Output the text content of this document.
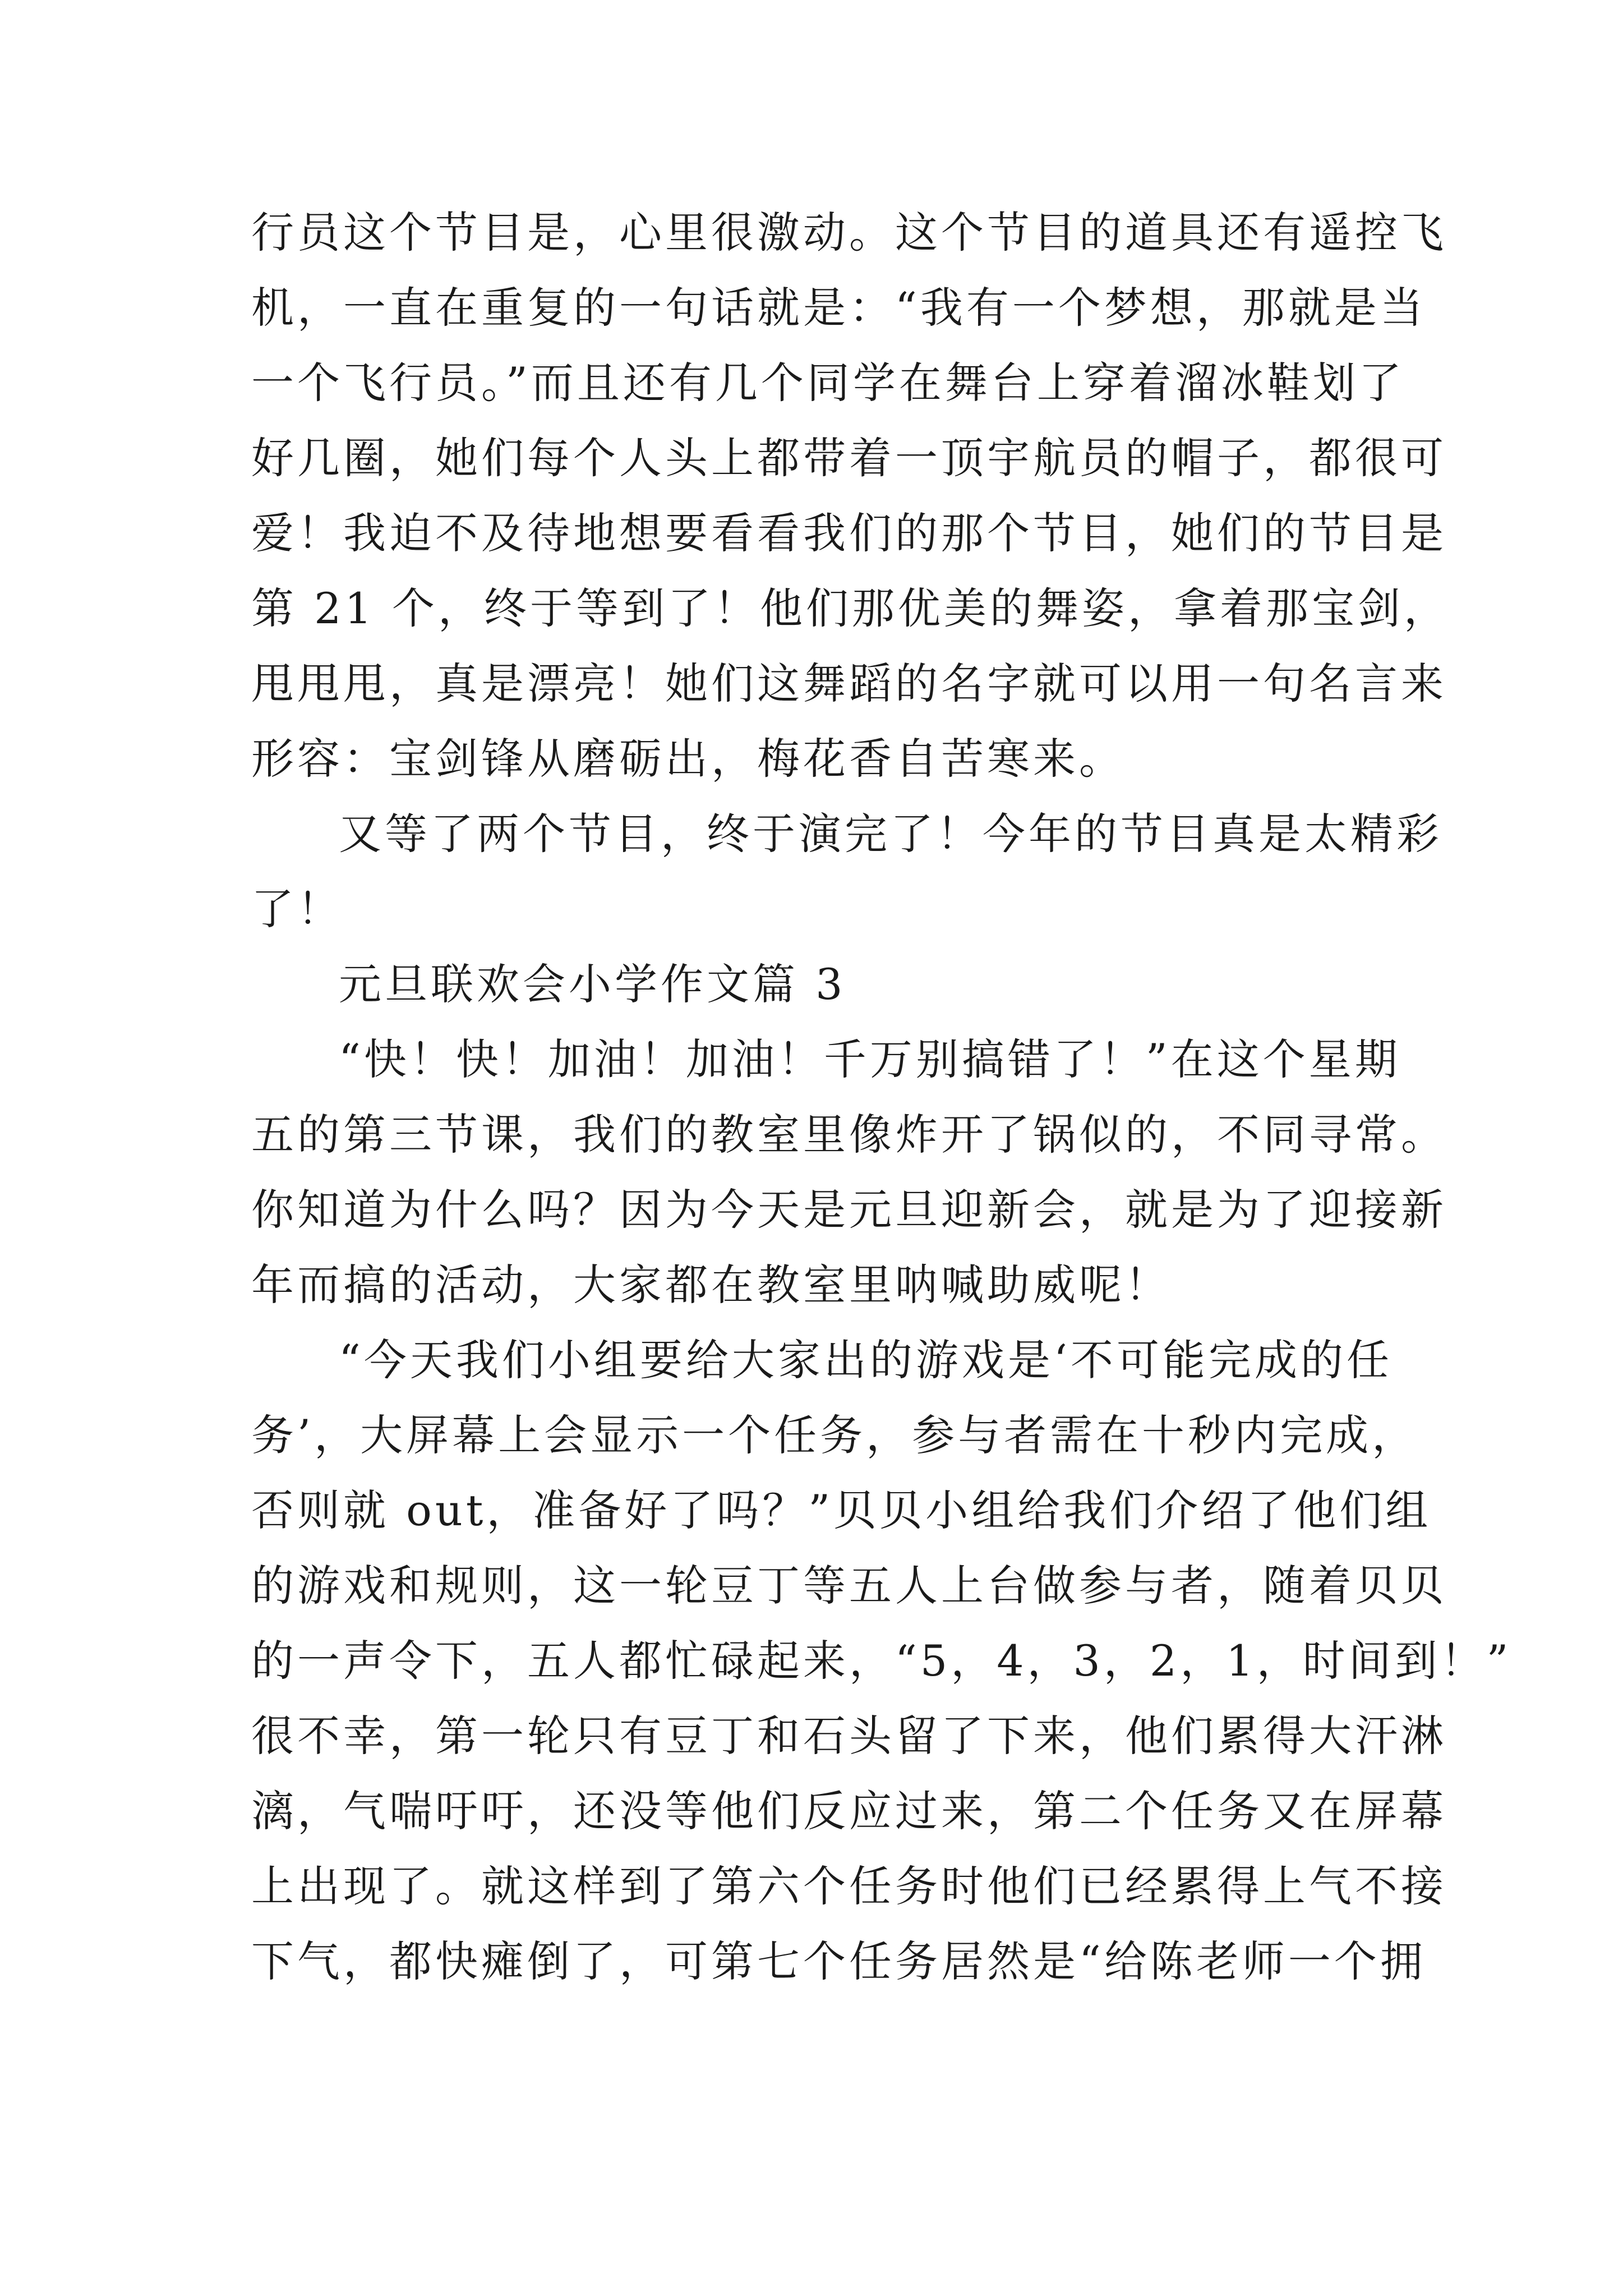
行员这个节目是，心里很激动。这个节目的道具还有遥控飞
机，一直在重复的一句话就是：“我有一个梦想，那就是当
一个飞行员。”而且还有几个同学在舞台上穿着溜冰鞋划了
好几圈，她们每个人头上都带着一顶宇航员的帽子，都很可
爱！我迫不及待地想要看看我们的那个节目，她们的节目是
第 21 个，终于等到了！他们那优美的舞姿，拿着那宝剑，
甩甩甩，真是漂亮！她们这舞蹈的名字就可以用一句名言来
形容：宝剑锋从磨砺出，梅花香自苦寒来。
又等了两个节目，终于演完了！今年的节目真是太精彩
了！
元旦联欢会小学作文篇 3
“快！快！加油！加油！千万别搞错了！”在这个星期
五的第三节课，我们的教室里像炸开了锅似的，不同寻常。
你知道为什么吗？因为今天是元旦迎新会，就是为了迎接新
年而搞的活动，大家都在教室里呐喊助威呢！
“今天我们小组要给大家出的游戏是‘不可能完成的任
务’，大屏幕上会显示一个任务，参与者需在十秒内完成，
否则就 out，准备好了吗？”贝贝小组给我们介绍了他们组
的游戏和规则，这一轮豆丁等五人上台做参与者，随着贝贝
的一声令下，五人都忙碌起来，“5，4，3，2，1，时间到！”
很不幸，第一轮只有豆丁和石头留了下来，他们累得大汗淋
漓，气喘吁吁，还没等他们反应过来，第二个任务又在屏幕
上出现了。就这样到了第六个任务时他们已经累得上气不接
下气，都快瘫倒了，可第七个任务居然是“给陈老师一个拥
